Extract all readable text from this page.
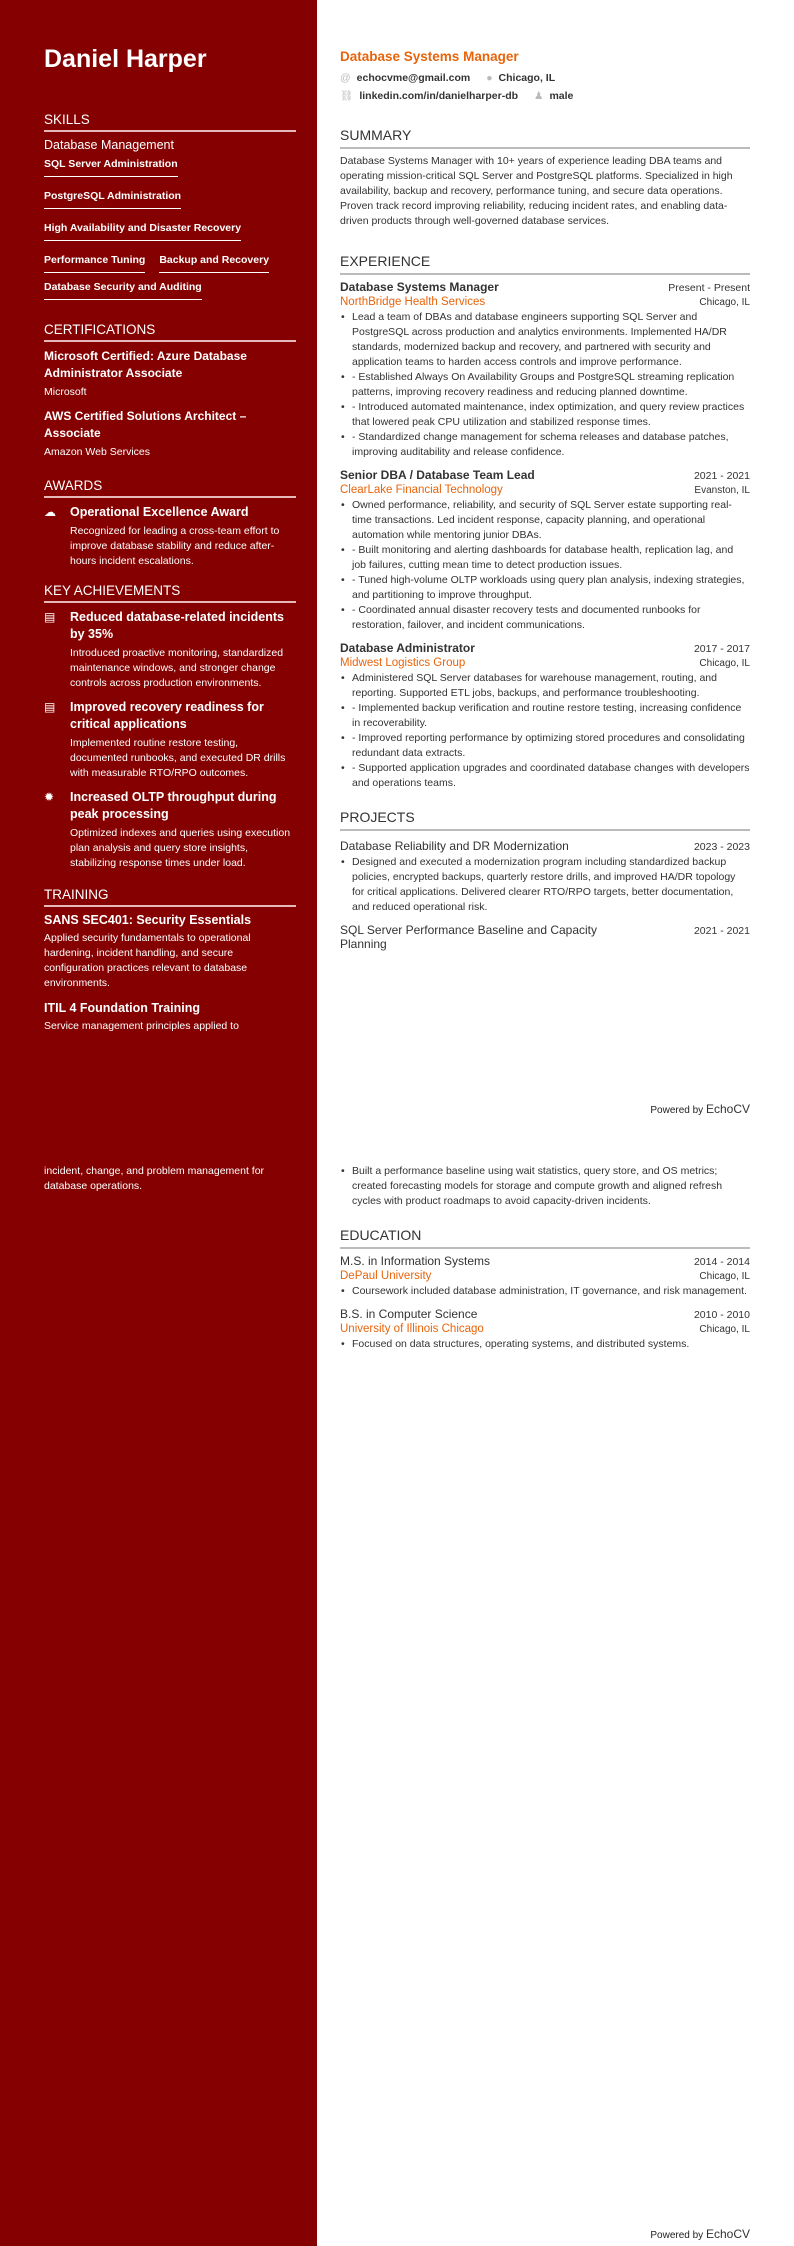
Daniel Harper
SKILLS
Database Management
SQL Server Administration
PostgreSQL Administration
High Availability and Disaster Recovery
Performance Tuning Backup and Recovery
Database Security and Auditing
CERTIFICATIONS
Microsoft Certified: Azure Database Administrator Associate
Microsoft
AWS Certified Solutions Architect – Associate
Amazon Web Services
AWARDS
☁ Operational Excellence Award
Recognized for leading a cross-team effort to improve database stability and reduce after-hours incident escalations.
KEY ACHIEVEMENTS
▤ Reduced database-related incidents by 35%
Introduced proactive monitoring, standardized maintenance windows, and stronger change controls across production environments.
▤ Improved recovery readiness for critical applications
Implemented routine restore testing, documented runbooks, and executed DR drills with measurable RTO/RPO outcomes.
✹	Increased OLTP throughput during peak processing
Optimized indexes and queries using execution plan analysis and query store insights, stabilizing response times under load.
TRAINING
SANS SEC401: Security Essentials
Applied security fundamentals to operational hardening, incident handling, and secure configuration practices relevant to database environments.
ITIL 4 Foundation Training
Service management principles applied to
Database Systems Manager
@ echocvme@gmail.com ● Chicago, IL
⛓ linkedin.com/in/danielharper-db ♟ male
SUMMARY
Database Systems Manager with 10+ years of experience leading DBA teams and operating mission-critical SQL Server and PostgreSQL platforms. Specialized in high availability, backup and recovery, performance tuning, and secure data operations. Proven track record improving reliability, reducing incident rates, and enabling data-driven products through well-governed database services.
EXPERIENCE
Database Systems Manager	Present - Present
NorthBridge Health Services	Chicago, IL
• Lead a team of DBAs and database engineers supporting SQL Server and PostgreSQL across production and analytics environments. Implemented HA/DR standards, modernized backup and recovery, and partnered with security and application teams to harden access controls and improve performance.
• - Established Always On Availability Groups and PostgreSQL streaming replication patterns, improving recovery readiness and reducing planned downtime.
• - Introduced automated maintenance, index optimization, and query review practices that lowered peak CPU utilization and stabilized response times.
• - Standardized change management for schema releases and database patches, improving auditability and release confidence.
Senior DBA / Database Team Lead	2021 - 2021
ClearLake Financial Technology	Evanston, IL
• Owned performance, reliability, and security of SQL Server estate supporting real-time transactions. Led incident response, capacity planning, and operational automation while mentoring junior DBAs.
• - Built monitoring and alerting dashboards for database health, replication lag, and job failures, cutting mean time to detect production issues.
• - Tuned high-volume OLTP workloads using query plan analysis, indexing strategies, and partitioning to improve throughput.
• - Coordinated annual disaster recovery tests and documented runbooks for restoration, failover, and incident communications.
Database Administrator	2017 - 2017
Midwest Logistics Group	Chicago, IL
• Administered SQL Server databases for warehouse management, routing, and reporting. Supported ETL jobs, backups, and performance troubleshooting.
• - Implemented backup verification and routine restore testing, increasing confidence in recoverability.
• - Improved reporting performance by optimizing stored procedures and consolidating redundant data extracts.
• - Supported application upgrades and coordinated database changes with developers and operations teams.
PROJECTS
Database Reliability and DR Modernization	2023 - 2023
• Designed and executed a modernization program including standardized backup policies, encrypted backups, quarterly restore drills, and improved HA/DR topology for critical applications. Delivered clearer RTO/RPO targets, better documentation, and reduced operational risk.
SQL Server Performance Baseline and Capacity Planning
2021 - 2021
Powered by EchoCV
incident, change, and problem management for database operations.
• Built a performance baseline using wait statistics, query store, and OS metrics; created forecasting models for storage and compute growth and aligned refresh cycles with product roadmaps to avoid capacity-driven incidents.
EDUCATION
M.S. in Information Systems	2014 - 2014
DePaul University	Chicago, IL
• Coursework included database administration, IT governance, and risk management.
B.S. in Computer Science	2010 - 2010
University of Illinois Chicago	Chicago, IL
• Focused on data structures, operating systems, and distributed systems.
Powered by EchoCV
